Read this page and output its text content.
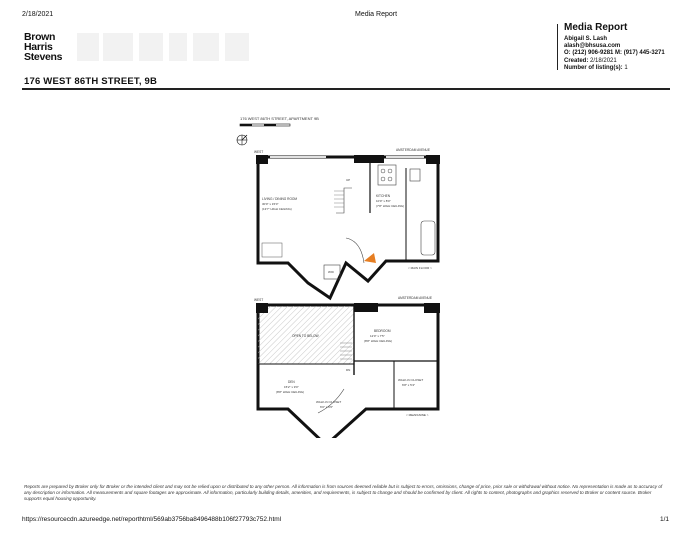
2/18/2021	Media Report
Brown
Harris
Stevens
Media Report
Abigail S. Lash
alash@bhsusa.com
O: (212) 906-9281 M: (917) 445-3271
Created: 2/18/2021
Number of listing(s): 1
176 WEST 86TH STREET, 9B
176 WEST 86TH STREET, APARTMENT 9B
WEST	AMSTERDAM AVENUE
LIVING / DINING ROOM
30'0" x 15'0"
(13'7" HIGH CEILING)
KITCHEN
10'0" x 8'0"
(7'8" HIGH CEILING)
UP
W/D
< MAIN FLOOR >
WEST	AMSTERDAM AVENUE
OPEN TO BELOW
BEDROOM
12'0" x 7'5"
(8'8" HIGH CEILING)
DEN
15'2" x 9'0"
(8'8" HIGH CEILING)
WALK-IN CLOSET
6'0" x 6'6"
WALK-IN CLOSET
6'8" x 5'4"
DN
< MEZZANINE >
Reports are prepared by Broker only for Broker or the intended client and may not be relied upon or distributed to any other person. All information is from sources deemed reliable but is subject to errors, omissions, change of price, prior sale or withdrawal without notice. No representation is made as to accuracy of any description or information. All measurements and square footages are approximate. All information, particularly building details, amenities, and requirements, is subject to change and should be confirmed by client. All rights to content, photographs and graphics reserved to Broker or content source. Broker supports equal housing opportunity.
https://resourcecdn.azureedge.net/reporthtml/569ab3756ba8496488b106f27793c752.html	1/1
